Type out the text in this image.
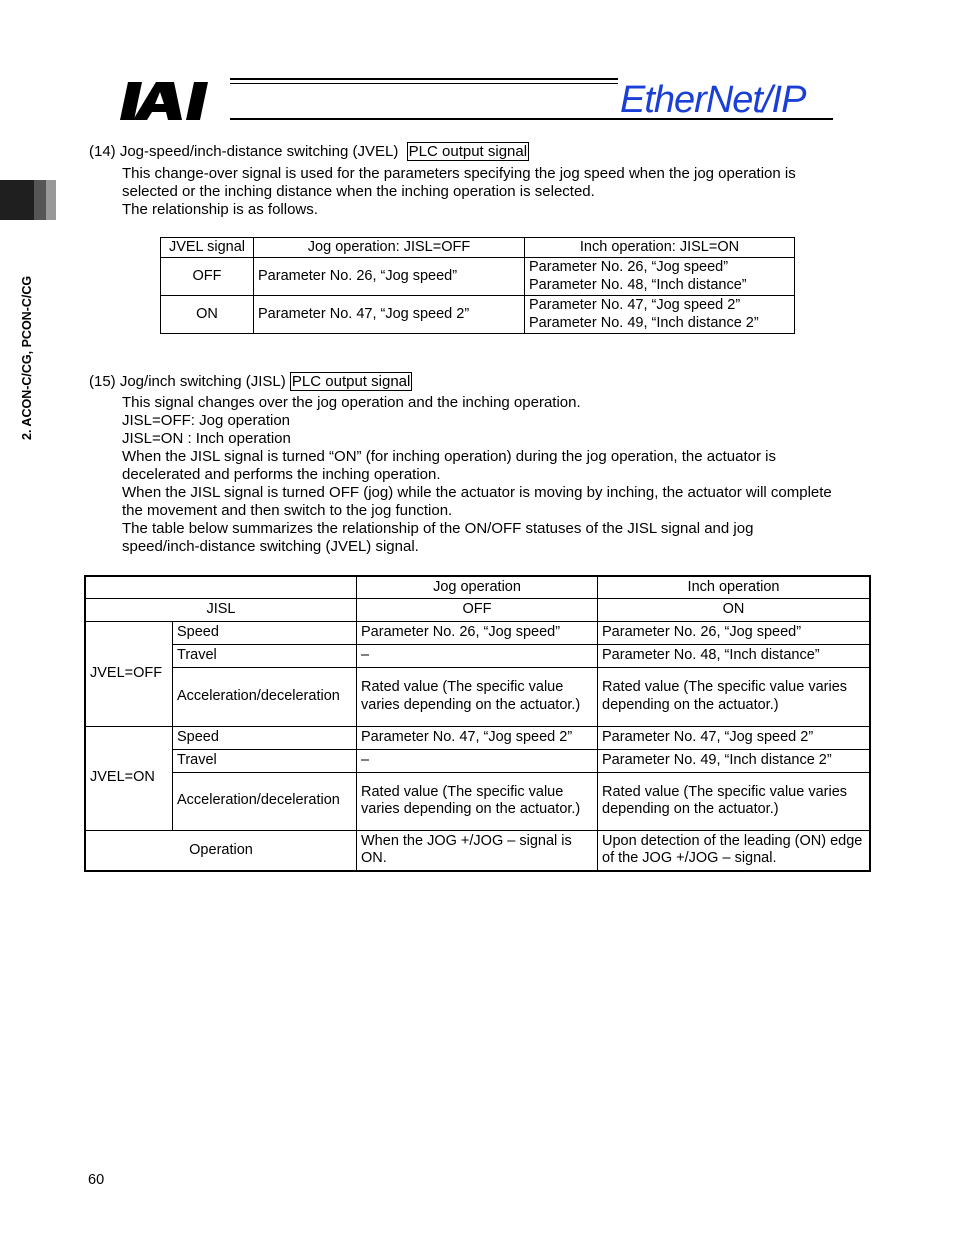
EtherNet/IP
2. ACON-C/CG, PCON-C/CG
(14) Jog-speed/inch-distance switching (JVEL) PLC output signal
This change-over signal is used for the parameters specifying the jog speed when the jog operation is
selected or the inching distance when the inching operation is selected.
The relationship is as follows.
JVEL signal	Jog operation: JISL=OFF	Inch operation: JISL=ON
OFF	Parameter No. 26, “Jog speed”	Parameter No. 26, “Jog speed”
Parameter No. 48, “Inch distance”

ON	Parameter No. 47, “Jog speed 2”	Parameter No. 47, “Jog speed 2”
Parameter No. 49, “Inch distance 2”
(15) Jog/inch switching (JISL) PLC output signal
This signal changes over the jog operation and the inching operation.
JISL=OFF: Jog operation
JISL=ON : Inch operation
When the JISL signal is turned “ON” (for inching operation) during the jog operation, the actuator is
decelerated and performs the inching operation.
When the JISL signal is turned OFF (jog) while the actuator is moving by inching, the actuator will complete
the movement and then switch to the jog function.
The table below summarizes the relationship of the ON/OFF statuses of the JISL signal and jog
speed/inch-distance switching (JVEL) signal.
		Jog operation	Inch operation
JISL		OFF	ON
JVEL=OFF	Speed	Parameter No. 26, “Jog speed”	Parameter No. 26, “Jog speed”
	Travel	–	Parameter No. 48, “Inch distance”
	Acceleration/deceleration	Rated value (The specific value varies depending on the actuator.)	Rated value (The specific value varies depending on the actuator.)
JVEL=ON	Speed	Parameter No. 47, “Jog speed 2”	Parameter No. 47, “Jog speed 2”
	Travel	–	Parameter No. 49, “Inch distance 2”
	Acceleration/deceleration	Rated value (The specific value varies depending on the actuator.)	Rated value (The specific value varies depending on the actuator.)
Operation		When the JOG +/JOG – signal is ON.	Upon detection of the leading (ON) edge of the JOG +/JOG – signal.
60
